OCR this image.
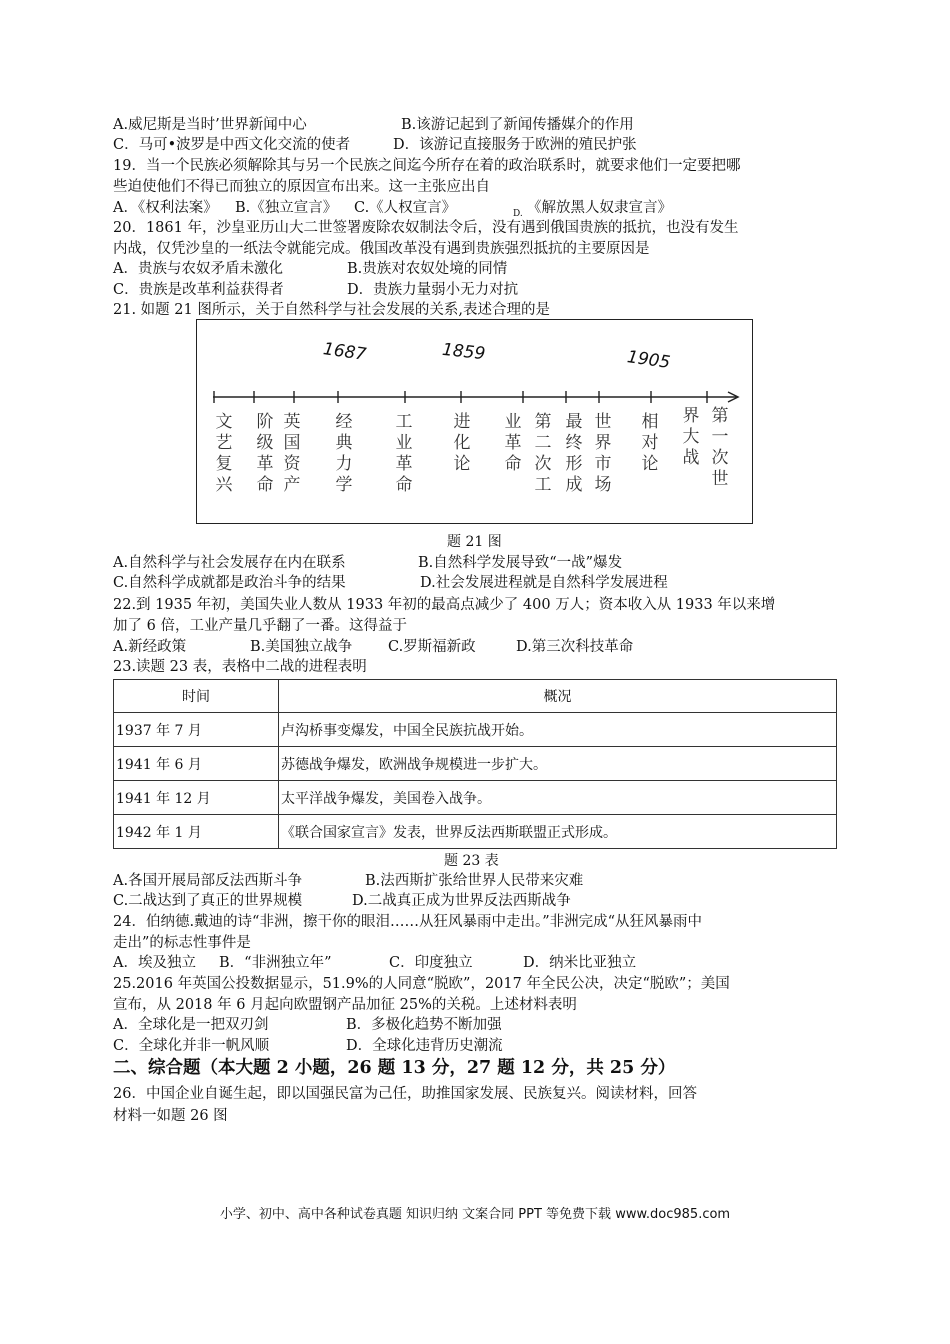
A.威尼斯是当时’世界新闻中心	B.该游记起到了新闻传播媒介的作用
C．马可•波罗是中西文化交流的使者	D．该游记直接服务于欧洲的殖民护张
19．当一个民族必须解除其与另一个民族之间迄今所存在着的政治联系时，就要求他们一定要把哪
些迫使他们不得已而独立的原因宣布出来。这一主张应出自
A．《权利法案》 B.《独立宣言》 C.《人权宣言》	D. 《解放黑人奴隶宣言》
20．1861 年，沙皇亚历山大二世签署废除农奴制法令后，没有遇到俄国贵族的抵抗，也没有发生
内战，仅凭沙皇的一纸法令就能完成。俄国改革没有遇到贵族强烈抵抗的主要原因是
A．贵族与农奴矛盾未激化	B.贵族对农奴处境的同情
C．贵族是改革利益获得者	D．贵族力量弱小无力对抗
21. 如题 21 图所示，关于自然科学与社会发展的关系,表述合理的是
1687	1859	1905
文艺复兴
阶级革命
英国资产
经典力学
工业革命
进化论
业革命
第二次工
最终形成
世界市场
相对论
界大战
第一次世
题 21 图
A.自然科学与社会发展存在内在联系	B.自然科学发展导致“一战”爆发
C.自然科学成就都是政治斗争的结果	D.社会发展进程就是自然科学发展进程
22.到 1935 年初，美国失业人数从 1933 年初的最高点减少了 400 万人；资本收入从 1933 年以来增
加了 6 倍，工业产量几乎翻了一番。这得益于
A.新经政策	B.美国独立战争 C.罗斯福新政	D.第三次科技革命
23.读题 23 表，表格中二战的进程表明
时间	概况
1937 年 7 月	卢沟桥事变爆发，中国全民族抗战开始。
1941 年 6 月	苏德战争爆发，欧洲战争规模进一步扩大。
1941 年 12 月	太平洋战争爆发，美国卷入战争。
1942 年 1 月	《联合国家宣言》发表，世界反法西斯联盟正式形成。
题 23 表
A.各国开展局部反法西斯斗争	B.法西斯扩张给世界人民带来灾难
C.二战达到了真正的世界规模	D.二战真正成为世界反法西斯战争
24．伯纳德.戴迪的诗“非洲，擦干你的眼泪……从狂风暴雨中走出。”非洲完成“从狂风暴雨中
走出”的标志性事件是
A．埃及独立 B．“非洲独立年”	C．印度独立	D．纳米比亚独立
25.2016 年英国公投数据显示，51.9%的人同意“脱欧”，2017 年全民公决，决定“脱欧”；美国
宣布，从 2018 年 6 月起向欧盟钢产品加征 25%的关税。上述材料表明
A．全球化是一把双刃剑	B．多极化趋势不断加强
C．全球化并非一帆风顺	D．全球化违背历史潮流
二、综合题（本大题 2 小题，26 题 13 分，27 题 12 分，共 25 分）
26．中国企业自诞生起，即以国强民富为己任，助推国家发展、民族复兴。阅读材料，回答
材料一如题 26 图
小学、初中、高中各种试卷真题 知识归纳 文案合同 PPT 等免费下载 www.doc985.com
